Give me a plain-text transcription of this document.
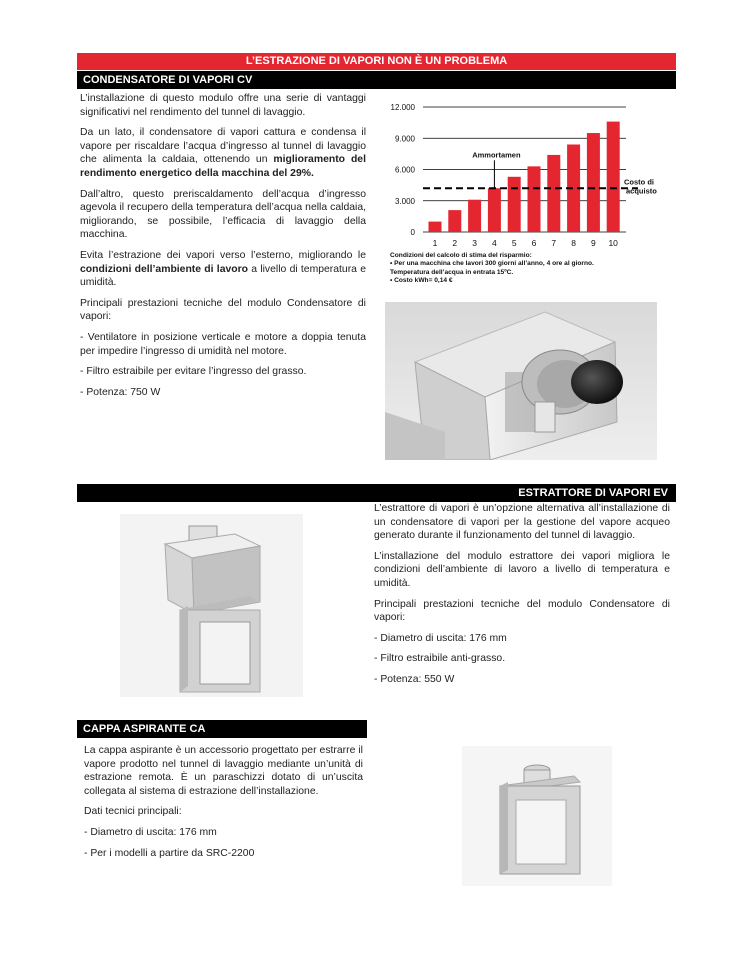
L’ESTRAZIONE DI VAPORI NON È UN PROBLEMA
CONDENSATORE DI VAPORI CV

L’installazione di questo modulo offre una serie di vantaggi significativi nel rendimento del tunnel di lavaggio.

Da un lato, il condensatore di vapori cattura e condensa il vapore per riscaldare l’acqua d’ingresso al tunnel di lavaggio che alimenta la caldaia, ottenendo un miglioramento del rendimento energetico della macchina del 29%.

Dall’altro, questo preriscaldamento dell’acqua d’ingresso agevola il recupero della temperatura dell’acqua nella caldaia, migliorando, se possibile, l’efficacia di lavaggio della macchina.

Evita l’estrazione dei vapori verso l’esterno, migliorando le condizioni dell’ambiente di lavoro a livello di temperatura e umidità.

Principali prestazioni tecniche del modulo Condensatore di vapori:

- Ventilatore in posizione verticale e motore a doppia tenuta per impedire l’ingresso di umidità nel motore.

- Filtro estraibile per evitare l’ingresso del grasso.

- Potenza: 750 W

0
3.000
6.000
9.000
12.000
1 2 3 4 5 6 7 8 9 10
Ammortamen
Costo di
acquisto
Condizioni del calcolo di stima del risparmio:
• Per una macchina che lavori 300 giorni all’anno, 4 ore al giorno.
Temperatura dell’acqua in entrata 15ºC.
• Costo kWh= 0,14 €
ESTRATTORE DI VAPORI EV

L’estrattore di vapori è un’opzione alternativa all’installazione di un condensatore di vapori per la gestione del vapore acqueo generato durante il funzionamento del tunnel di lavaggio.

L’installazione del modulo estrattore dei vapori migliora le condizioni dell’ambiente di lavoro a livello di temperatura e umidità.

Principali prestazioni tecniche del modulo Condensatore di vapori:

- Diametro di uscita: 176 mm

- Filtro estraibile anti-grasso.

- Potenza: 550 W

CAPPA ASPIRANTE CA

La cappa aspirante è un accessorio progettato per estrarre il vapore prodotto nel tunnel di lavaggio mediante un’unità di estrazione remota. È un paraschizzi dotato di un’uscita collegata al sistema di estrazione dell’installazione.

Dati tecnici principali:

- Diametro di uscita: 176 mm

- Per i modelli a partire da SRC-2200
